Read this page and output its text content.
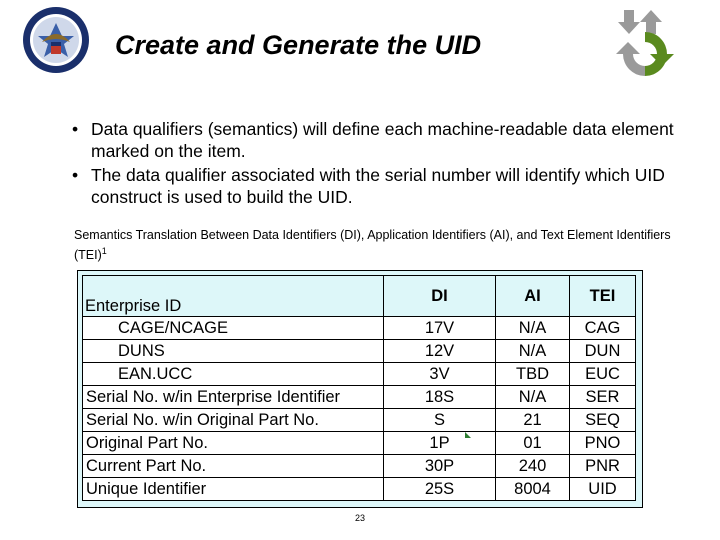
Create and Generate the UID
• Data qualifiers (semantics) will define each machine-readable data element marked on the item.
• The data qualifier associated with the serial number will identify which UID construct is used to build the UID.
Semantics Translation Between Data Identifiers (DI), Application Identifiers (AI), and Text Element Identifiers (TEI)$^1$
Enterprise ID	DI	AI	TEI
CAGE/NCAGE	17V	N/A	CAG
DUNS	12V	N/A	DUN
EAN.UCC	3V	TBD	EUC
Serial No. w/in Enterprise Identifier	18S	N/A	SER
Serial No. w/in Original Part No.	S	21	SEQ
Original Part No.	1P	01	PNO
Current Part No.	30P	240	PNR
Unique Identifier	25S	8004	UID
23
